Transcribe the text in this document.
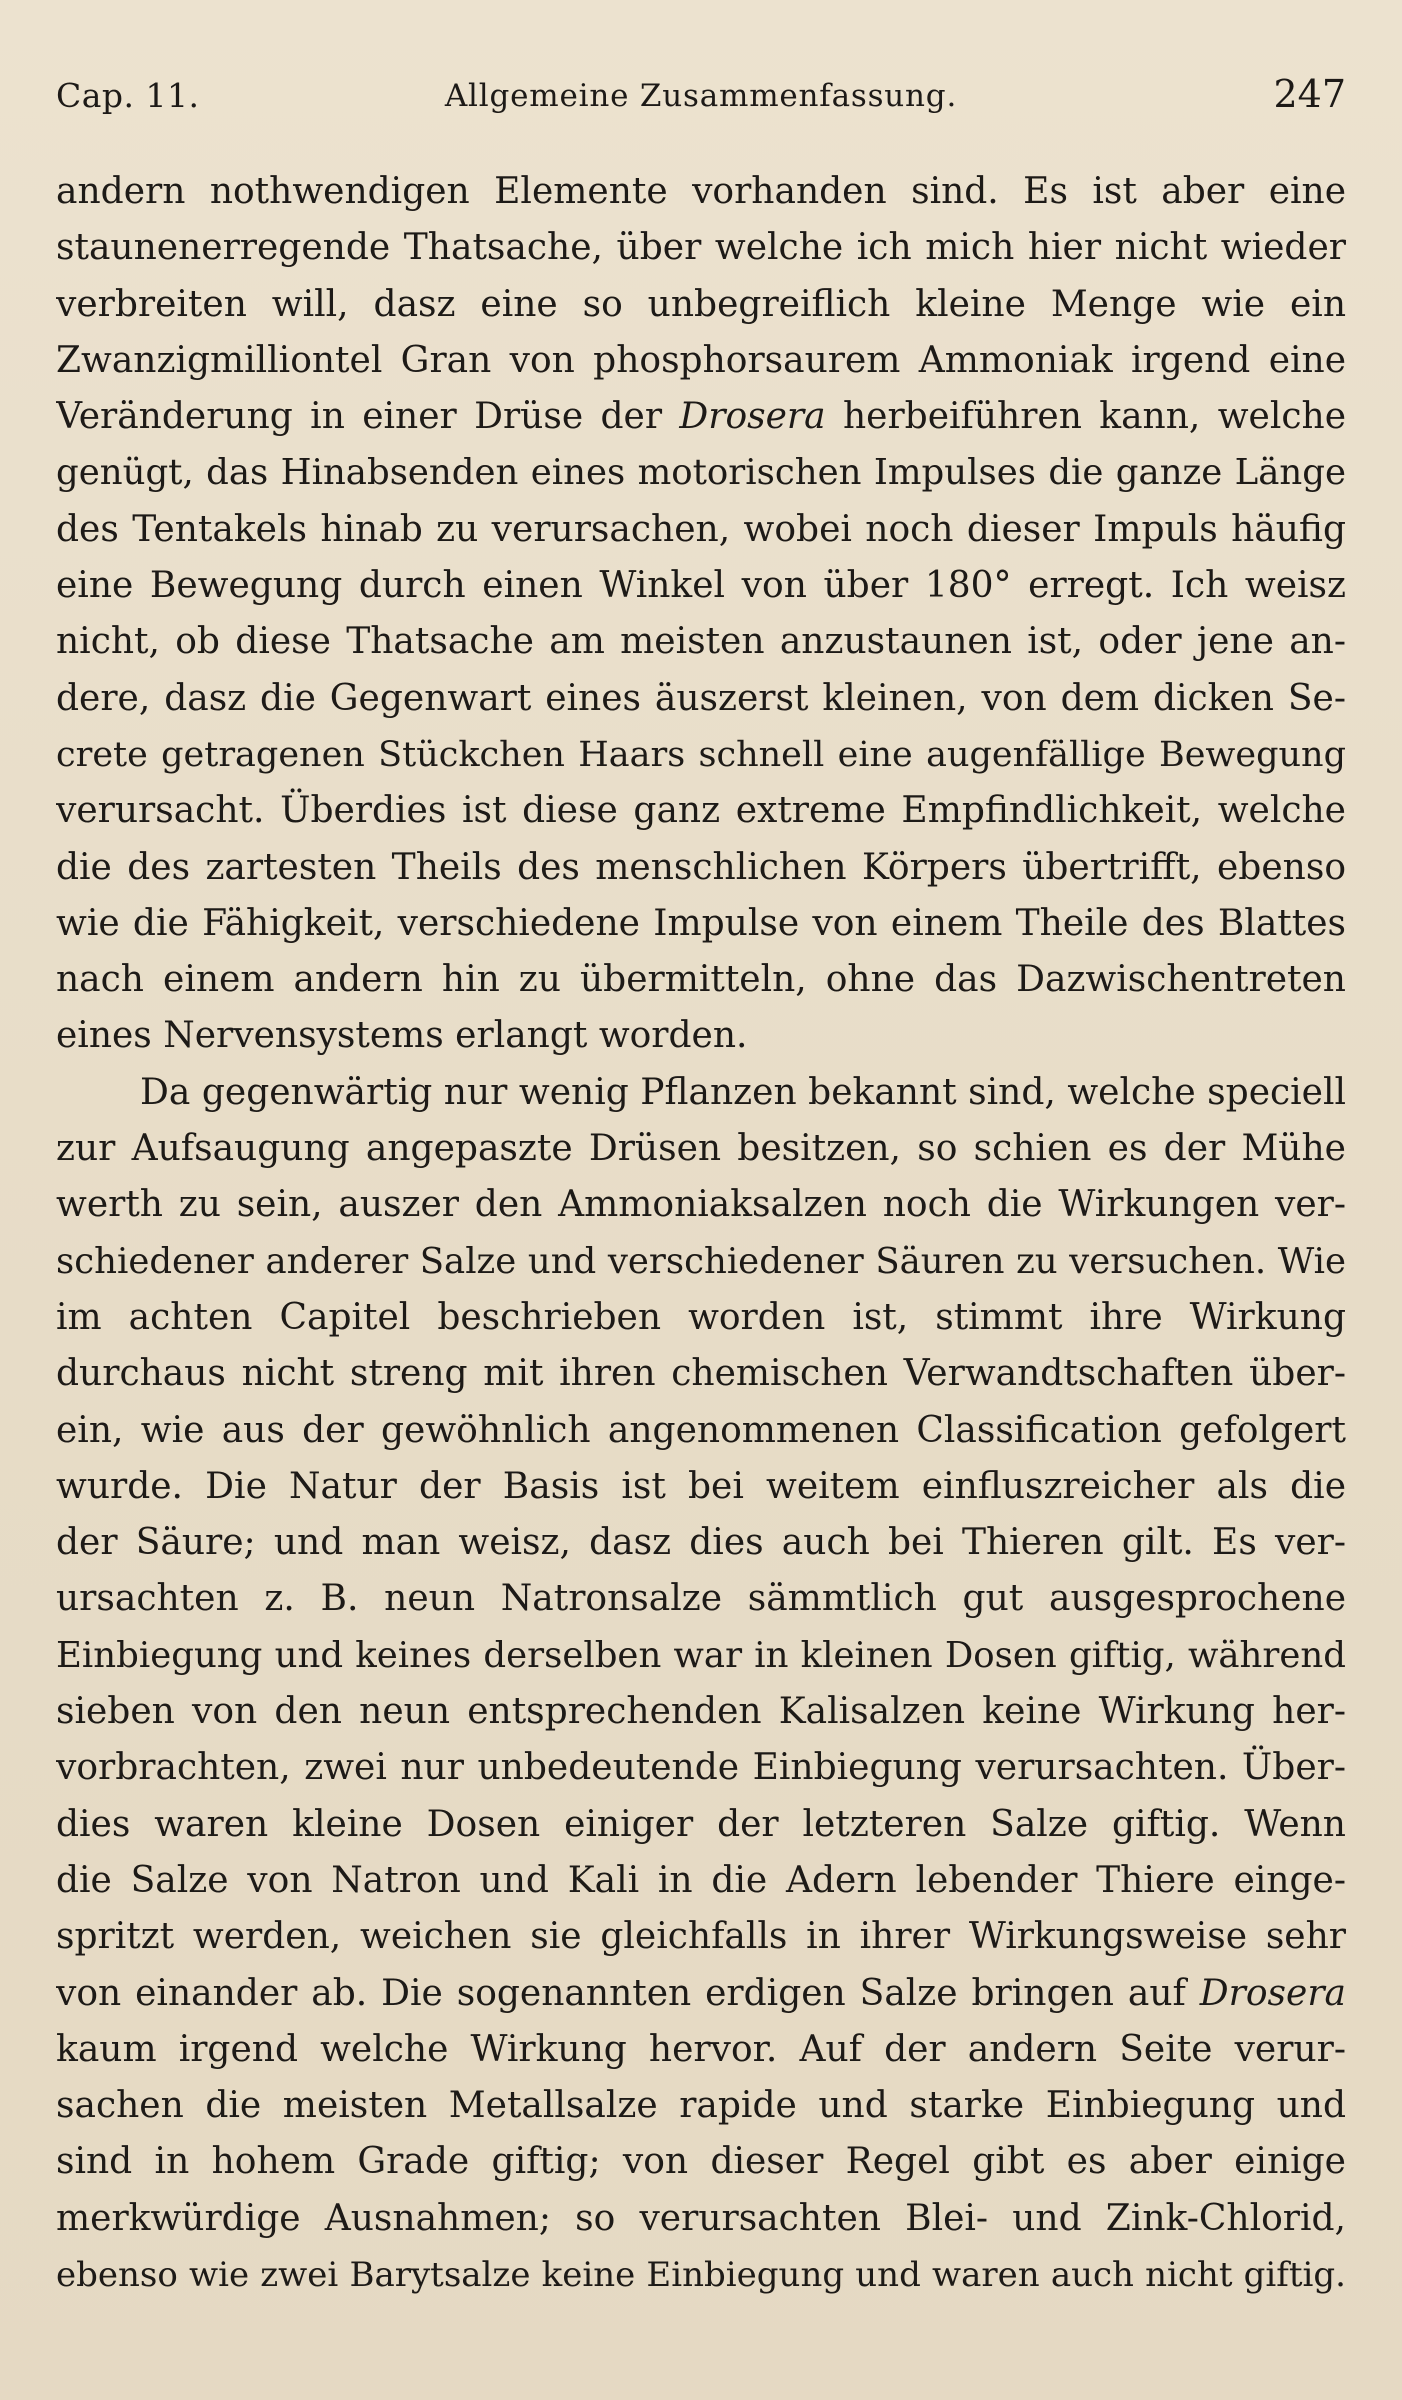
Cap. 11.	Allgemeine Zusammenfassung.	247
andern nothwendigen Elemente vorhanden sind. Es ist aber eine
staunenerregende Thatsache, über welche ich mich hier nicht wieder
verbreiten will, dasz eine so unbegreiflich kleine Menge wie ein
Zwanzigmilliontel Gran von phosphorsaurem Ammoniak irgend eine
Veränderung in einer Drüse der Drosera herbeiführen kann, welche
genügt, das Hinabsenden eines motorischen Impulses die ganze Länge
des Tentakels hinab zu verursachen, wobei noch dieser Impuls häufig
eine Bewegung durch einen Winkel von über 180° erregt. Ich weisz
nicht, ob diese Thatsache am meisten anzustaunen ist, oder jene an-
dere, dasz die Gegenwart eines äuszerst kleinen, von dem dicken Se-
crete getragenen Stückchen Haars schnell eine augenfällige Bewegung
verursacht. Überdies ist diese ganz extreme Empfindlichkeit, welche
die des zartesten Theils des menschlichen Körpers übertrifft, ebenso
wie die Fähigkeit, verschiedene Impulse von einem Theile des Blattes
nach einem andern hin zu übermitteln, ohne das Dazwischentreten
eines Nervensystems erlangt worden.
Da gegenwärtig nur wenig Pflanzen bekannt sind, welche speciell
zur Aufsaugung angepaszte Drüsen besitzen, so schien es der Mühe
werth zu sein, auszer den Ammoniaksalzen noch die Wirkungen ver-
schiedener anderer Salze und verschiedener Säuren zu versuchen. Wie
im achten Capitel beschrieben worden ist, stimmt ihre Wirkung
durchaus nicht streng mit ihren chemischen Verwandtschaften über-
ein, wie aus der gewöhnlich angenommenen Classification gefolgert
wurde. Die Natur der Basis ist bei weitem einfluszreicher als die
der Säure; und man weisz, dasz dies auch bei Thieren gilt. Es ver-
ursachten z. B. neun Natronsalze sämmtlich gut ausgesprochene
Einbiegung und keines derselben war in kleinen Dosen giftig, während
sieben von den neun entsprechenden Kalisalzen keine Wirkung her-
vorbrachten, zwei nur unbedeutende Einbiegung verursachten. Über-
dies waren kleine Dosen einiger der letzteren Salze giftig. Wenn
die Salze von Natron und Kali in die Adern lebender Thiere einge-
spritzt werden, weichen sie gleichfalls in ihrer Wirkungsweise sehr
von einander ab. Die sogenannten erdigen Salze bringen auf Drosera
kaum irgend welche Wirkung hervor. Auf der andern Seite verur-
sachen die meisten Metallsalze rapide und starke Einbiegung und
sind in hohem Grade giftig; von dieser Regel gibt es aber einige
merkwürdige Ausnahmen; so verursachten Blei- und Zink-Chlorid,
ebenso wie zwei Barytsalze keine Einbiegung und waren auch nicht giftig.
